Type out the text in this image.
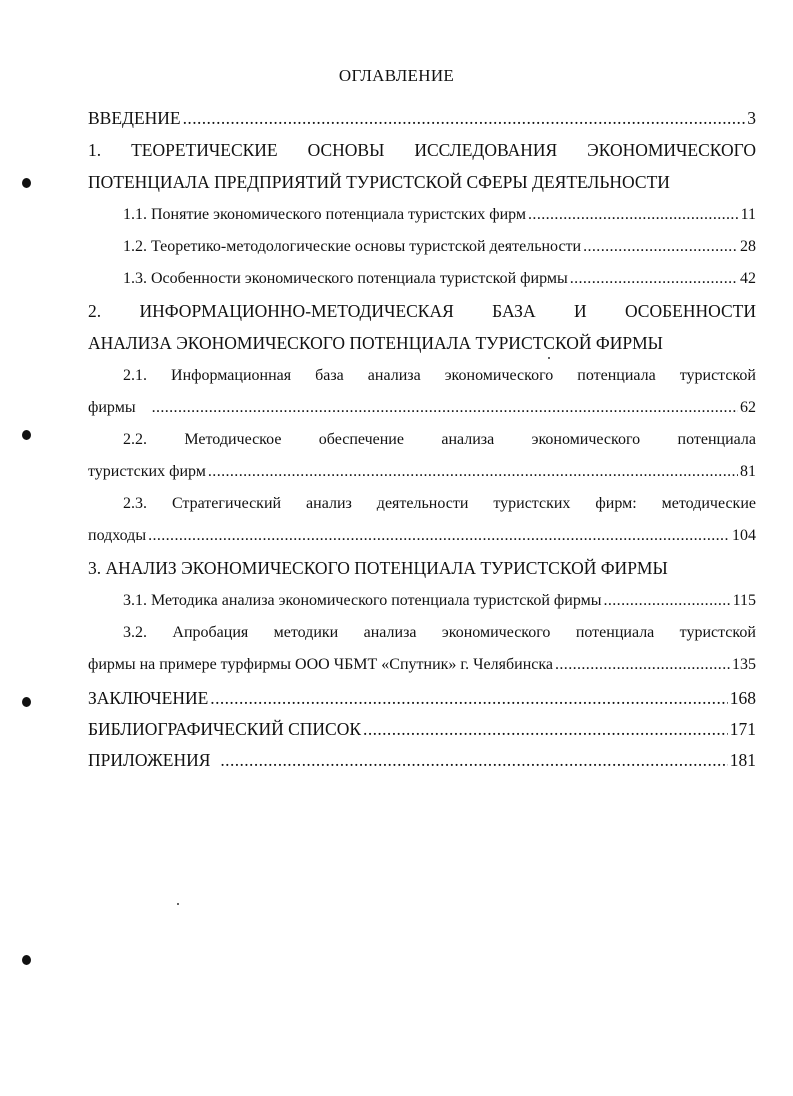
ОГЛАВЛЕНИЕ
ВВЕДЕНИЕ .....	3
1. ТЕОРЕТИЧЕСКИЕ ОСНОВЫ ИССЛЕДОВАНИЯ ЭКОНОМИЧЕСКОГО
ПОТЕНЦИАЛА ПРЕДПРИЯТИЙ ТУРИСТСКОЙ СФЕРЫ ДЕЯТЕЛЬНОСТИ
1.1. Понятие экономического потенциала туристских фирм .....	11
1.2. Теоретико-методологические основы туристской деятельности .....	28
1.3. Особенности экономического потенциала туристской фирмы .....	42
2. ИНФОРМАЦИОННО-МЕТОДИЧЕСКАЯ БАЗА И ОСОБЕННОСТИ
АНАЛИЗА ЭКОНОМИЧЕСКОГО ПОТЕНЦИАЛА ТУРИСТСКОЙ ФИРМЫ
2.1. Информационная база анализа экономического потенциала туристской
фирмы .....	62
2.2. Методическое обеспечение анализа экономического потенциала
туристских фирм .....	81
2.3. Стратегический анализ деятельности туристских фирм: методические
подходы .....	104
3. АНАЛИЗ ЭКОНОМИЧЕСКОГО ПОТЕНЦИАЛА ТУРИСТСКОЙ ФИРМЫ
3.1. Методика анализа экономического потенциала туристской фирмы .....	115
3.2. Апробация методики анализа экономического потенциала туристской
фирмы на примере турфирмы ООО ЧБМТ «Спутник» г. Челябинска .....	135
ЗАКЛЮЧЕНИЕ .....	168
БИБЛИОГРАФИЧЕСКИЙ СПИСОК .....	171
ПРИЛОЖЕНИЯ .....	181
